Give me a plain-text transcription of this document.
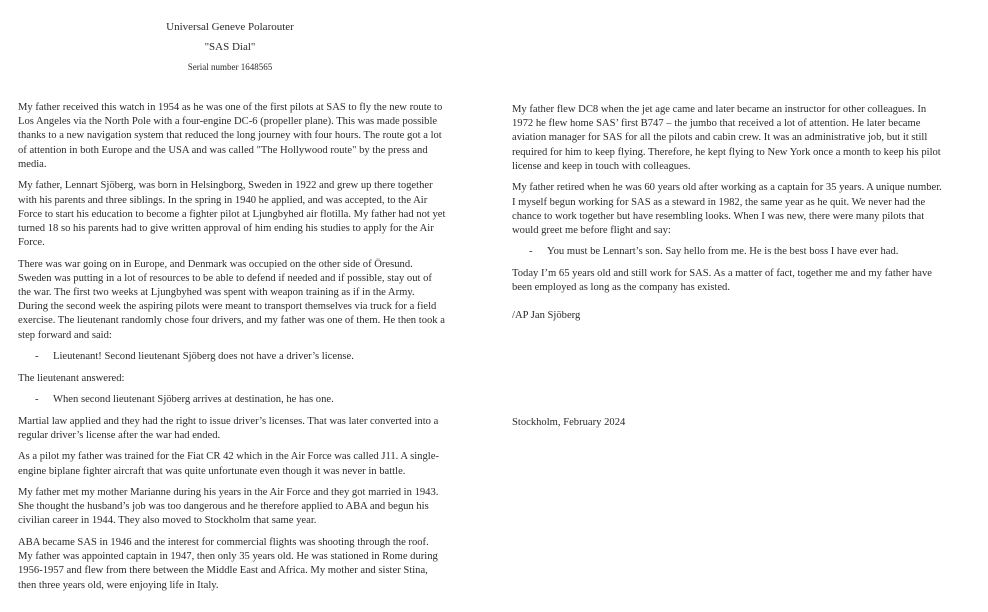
Universal Geneve Polarouter
"SAS Dial"
Serial number 1648565

My father received this watch in 1954 as he was one of the first pilots at SAS to fly the new route to Los Angeles via the North Pole with a four-engine DC-6 (propeller plane). This was made possible thanks to a new navigation system that reduced the long journey with four hours. The route got a lot of attention in both Europe and the USA and was called "The Hollywood route" by the press and media.

My father, Lennart Sjöberg, was born in Helsingborg, Sweden in 1922 and grew up there together with his parents and three siblings. In the spring in 1940 he applied, and was accepted, to the Air Force to start his education to become a fighter pilot at Ljungbyhed air flotilla. My father had not yet turned 18 so his parents had to give written approval of him ending his studies to apply for the Air Force.

There was war going on in Europe, and Denmark was occupied on the other side of Öresund. Sweden was putting in a lot of resources to be able to defend if needed and if possible, stay out of the war. The first two weeks at Ljungbyhed was spent with weapon training as if in the Army. During the second week the aspiring pilots were meant to transport themselves via truck for a field exercise. The lieutenant randomly chose four drivers, and my father was one of them. He then took a step forward and said:

-	Lieutenant! Second lieutenant Sjöberg does not have a driver’s license.

The lieutenant answered:

-	When second lieutenant Sjöberg arrives at destination, he has one.

Martial law applied and they had the right to issue driver’s licenses. That was later converted into a regular driver’s license after the war had ended.

As a pilot my father was trained for the Fiat CR 42 which in the Air Force was called J11. A single-engine biplane fighter aircraft that was quite unfortunate even though it was never in battle.

My father met my mother Marianne during his years in the Air Force and they got married in 1943. She thought the husband’s job was too dangerous and he therefore applied to ABA and begun his civilian career in 1944. They also moved to Stockholm that same year.

ABA became SAS in 1946 and the interest for commercial flights was shooting through the roof. My father was appointed captain in 1947, then only 35 years old. He was stationed in Rome during 1956-1957 and flew from there between the Middle East and Africa. My mother and sister Stina, then three years old, were enjoying life in Italy.

My father flew DC8 when the jet age came and later became an instructor for other colleagues. In 1972 he flew home SAS’ first B747 – the jumbo that received a lot of attention. He later became aviation manager for SAS for all the pilots and cabin crew. It was an administrative job, but it still required for him to keep flying. Therefore, he kept flying to New York once a month to keep his pilot license and keep in touch with colleagues.

My father retired when he was 60 years old after working as a captain for 35 years. A unique number. I myself begun working for SAS as a steward in 1982, the same year as he quit. We never had the chance to work together but have resembling looks. When I was new, there were many pilots that would greet me before flight and say:

-	You must be Lennart’s son. Say hello from me. He is the best boss I have ever had.

Today I’m 65 years old and still work for SAS. As a matter of fact, together me and my father have been employed as long as the company has existed.

/AP Jan Sjöberg

Stockholm, February 2024
